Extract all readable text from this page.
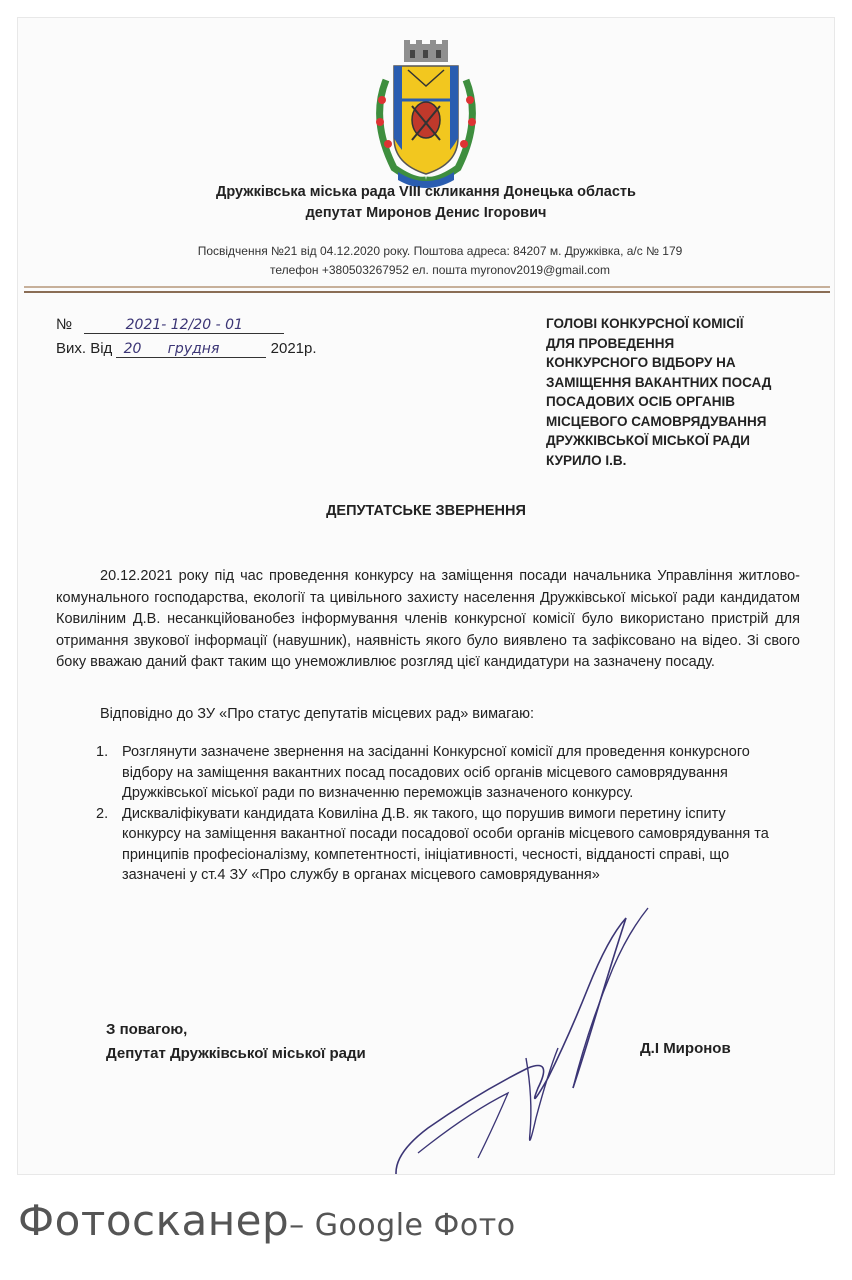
Дружківська міська рада VIII скликання Донецька область
депутат Миронов Денис Ігорович
Посвідчення №21 від 04.12.2020 року. Поштова адреса: 84207 м. Дружківка, а/с № 179
телефон +380503267952 ел. пошта myronov2019@gmail.com
№	2021- 12/20 - 01
Вих. Від 20 грудня	2021р.
ГОЛОВІ КОНКУРСНОЇ КОМІСІЇ
ДЛЯ ПРОВЕДЕННЯ
КОНКУРСНОГО ВІДБОРУ НА
ЗАМІЩЕННЯ ВАКАНТНИХ ПОСАД
ПОСАДОВИХ ОСІБ ОРГАНІВ
МІСЦЕВОГО САМОВРЯДУВАННЯ
ДРУЖКІВСЬКОЇ МІСЬКОЇ РАДИ
КУРИЛО І.В.
ДЕПУТАТСЬКЕ ЗВЕРНЕННЯ
20.12.2021 року під час проведення конкурсу на заміщення посади начальника Управління житлово-комунального господарства, екології та цивільного захисту населення Дружківської міської ради кандидатом Ковиліним Д.В. несанкційованобез інформування членів конкурсної комісії було використано пристрій для отримання звукової інформації (навушник), наявність якого було виявлено та зафіксовано на відео. Зі свого боку вважаю даний факт таким що унеможливлює розгляд цієї кандидатури на зазначену посаду.
Відповідно до ЗУ «Про статус депутатів місцевих рад» вимагаю:
1. Розглянути зазначене звернення на засіданні Конкурсної комісії для проведення конкурсного відбору на заміщення вакантних посад посадових осіб органів місцевого самоврядування Дружківської міської ради по визначенню переможців зазначеного конкурсу.
2. Дискваліфікувати кандидата Ковиліна Д.В. як такого, що порушив вимоги перетину іспиту конкурсу на заміщення вакантної посади посадової особи органів місцевого самоврядування та принципів професіоналізму, компетентності, ініціативності, чесності, відданості справі, що зазначені у ст.4 ЗУ «Про службу в органах місцевого самоврядування»
З повагою,
Депутат Дружківської міської ради	Д.І Миронов
Фотосканер– Google Фото
